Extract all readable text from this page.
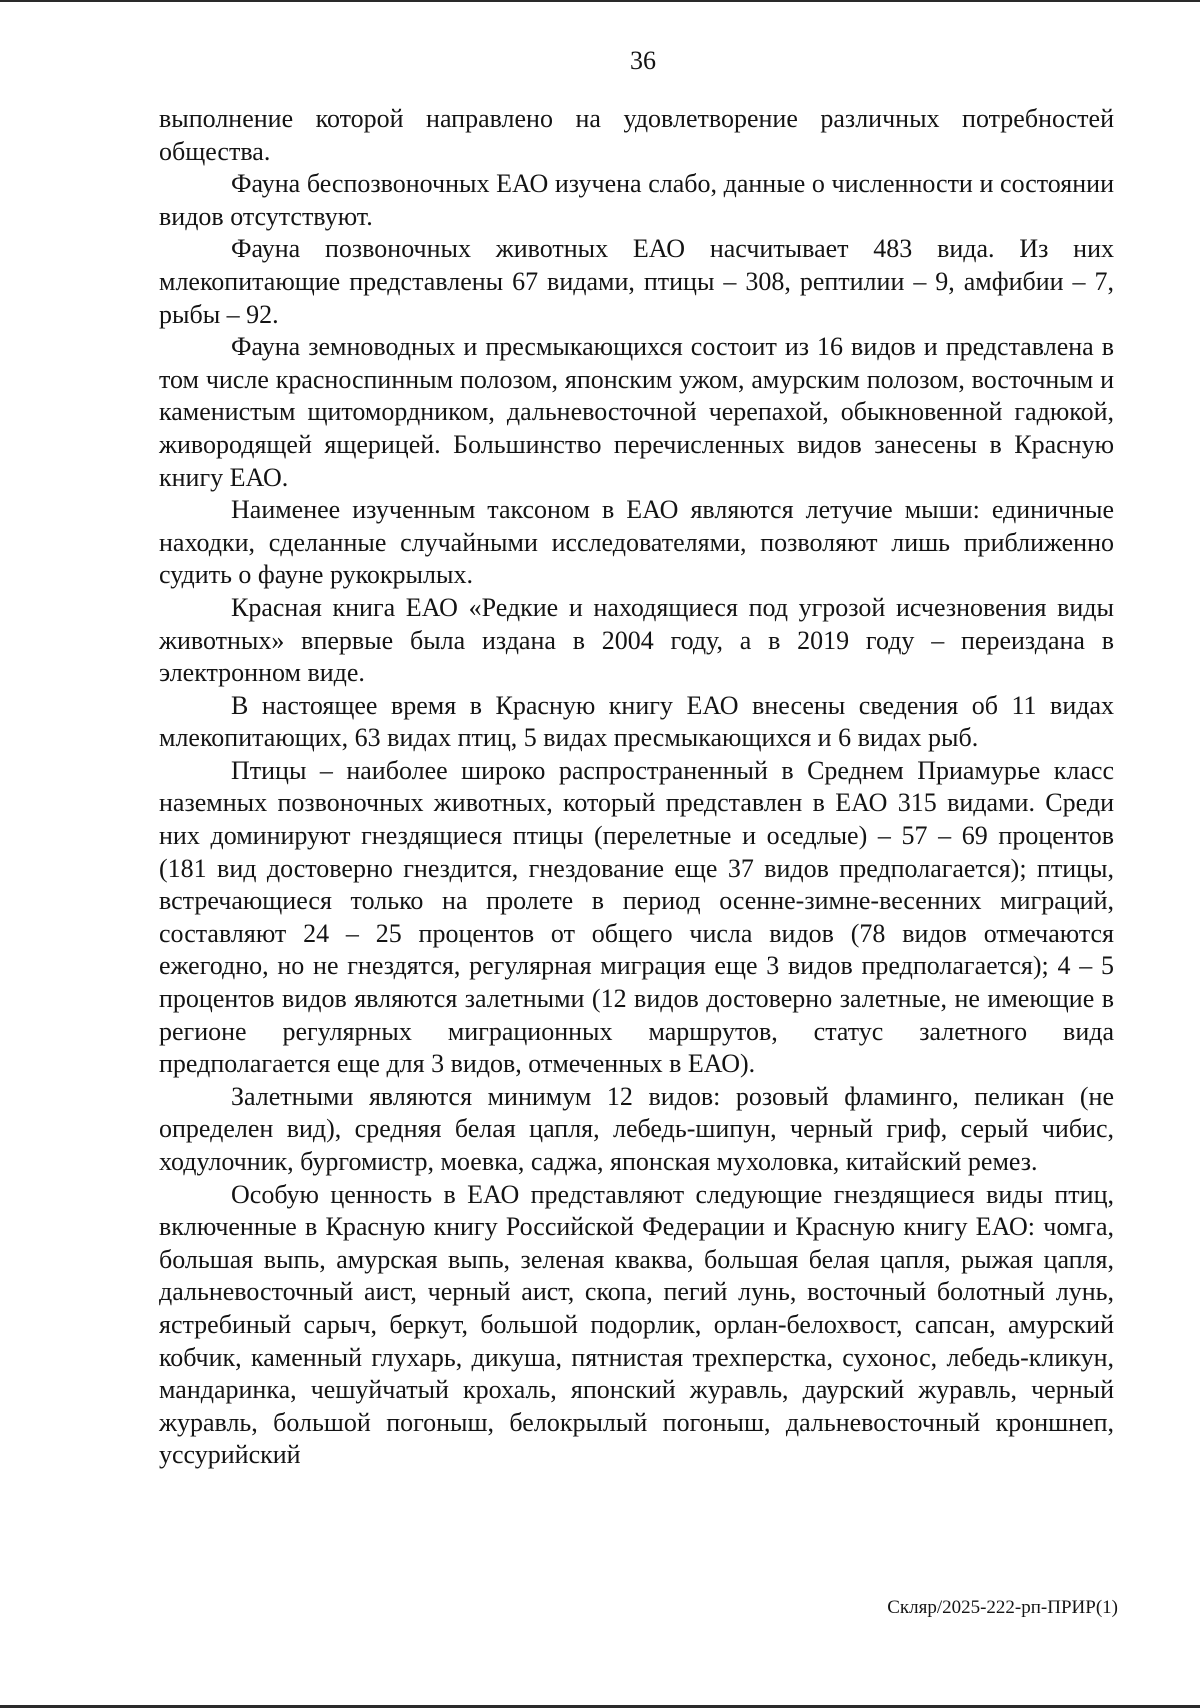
36

выполнение которой направлено на удовлетворение различных потребностей общества.

Фауна беспозвоночных ЕАО изучена слабо, данные о численности и состоянии видов отсутствуют.

Фауна позвоночных животных ЕАО насчитывает 483 вида. Из них млекопитающие представлены 67 видами, птицы – 308, рептилии – 9, амфибии – 7, рыбы – 92.

Фауна земноводных и пресмыкающихся состоит из 16 видов и представлена в том числе красноспинным полозом, японским ужом, амурским полозом, восточным и каменистым щитомордником, дальневосточной черепахой, обыкновенной гадюкой, живородящей ящерицей. Большинство перечисленных видов занесены в Красную книгу ЕАО.

Наименее изученным таксоном в ЕАО являются летучие мыши: единичные находки, сделанные случайными исследователями, позволяют лишь приближенно судить о фауне рукокрылых.

Красная книга ЕАО «Редкие и находящиеся под угрозой исчезновения виды животных» впервые была издана в 2004 году, а в 2019 году – переиздана в электронном виде.

В настоящее время в Красную книгу ЕАО внесены сведения об 11 видах млекопитающих, 63 видах птиц, 5 видах пресмыкающихся и 6 видах рыб.

Птицы – наиболее широко распространенный в Среднем Приамурье класс наземных позвоночных животных, который представлен в ЕАО 315 видами. Среди них доминируют гнездящиеся птицы (перелетные и оседлые) – 57 – 69 процентов (181 вид достоверно гнездится, гнездование еще 37 видов предполагается); птицы, встречающиеся только на пролете в период осенне-зимне-весенних миграций, составляют 24 – 25 процентов от общего числа видов (78 видов отмечаются ежегодно, но не гнездятся, регулярная миграция еще 3 видов предполагается); 4 – 5 процентов видов являются залетными (12 видов достоверно залетные, не имеющие в регионе регулярных миграционных маршрутов, статус залетного вида предполагается еще для 3 видов, отмеченных в ЕАО).

Залетными являются минимум 12 видов: розовый фламинго, пеликан (не определен вид), средняя белая цапля, лебедь-шипун, черный гриф, серый чибис, ходулочник, бургомистр, моевка, саджа, японская мухоловка, китайский ремез.

Особую ценность в ЕАО представляют следующие гнездящиеся виды птиц, включенные в Красную книгу Российской Федерации и Красную книгу ЕАО: чомга, большая выпь, амурская выпь, зеленая кваква, большая белая цапля, рыжая цапля, дальневосточный аист, черный аист, скопа, пегий лунь, восточный болотный лунь, ястребиный сарыч, беркут, большой подорлик, орлан-белохвост, сапсан, амурский кобчик, каменный глухарь, дикуша, пятнистая трехперстка, сухонос, лебедь-кликун, мандаринка, чешуйчатый крохаль, японский журавль, даурский журавль, черный журавль, большой погоныш, белокрылый погоныш, дальневосточный кроншнеп, уссурийский

Скляр/2025-222-рп-ПРИР(1)
